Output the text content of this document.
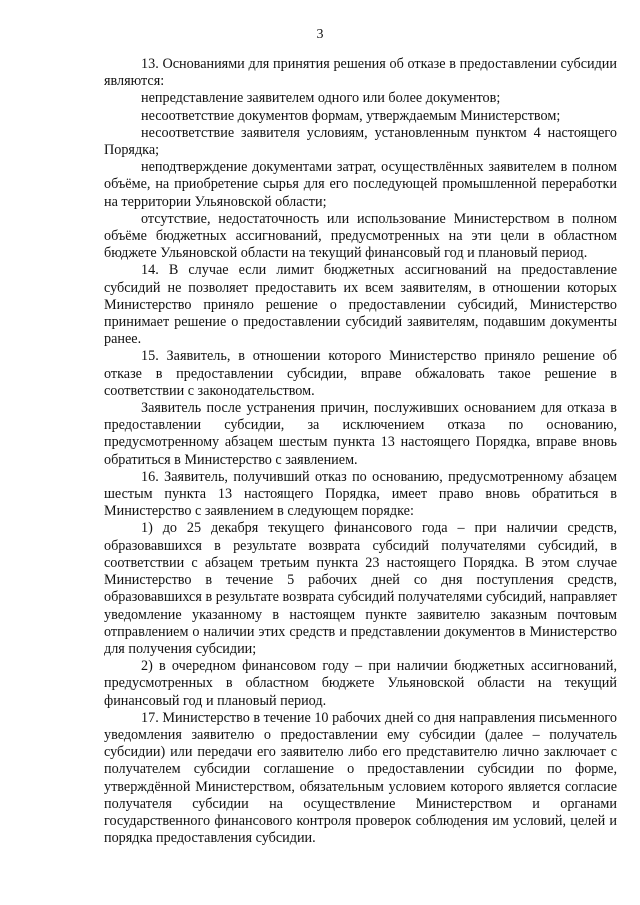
3

13. Основаниями для принятия решения об отказе в предоставлении субсидии являются:

непредставление заявителем одного или более документов;

несоответствие документов формам, утверждаемым Министерством;

несоответствие заявителя условиям, установленным пунктом 4 настоящего Порядка;

неподтверждение документами затрат, осуществлённых заявителем в полном объёме, на приобретение сырья для его последующей промышленной переработки на территории Ульяновской области;

отсутствие, недостаточность или использование Министерством в полном объёме бюджетных ассигнований, предусмотренных на эти цели в областном бюджете Ульяновской области на текущий финансовый год и плановый период.

14. В случае если лимит бюджетных ассигнований на предоставление субсидий не позволяет предоставить их всем заявителям, в отношении которых Министерство приняло решение о предоставлении субсидий, Министерство принимает решение о предоставлении субсидий заявителям, подавшим документы ранее.

15. Заявитель, в отношении которого Министерство приняло решение об отказе в предоставлении субсидии, вправе обжаловать такое решение в соответствии с законодательством.

Заявитель после устранения причин, послуживших основанием для отказа в предоставлении субсидии, за исключением отказа по основанию, предусмотренному абзацем шестым пункта 13 настоящего Порядка, вправе вновь обратиться в Министерство с заявлением.

16. Заявитель, получивший отказ по основанию, предусмотренному абзацем шестым пункта 13 настоящего Порядка, имеет право вновь обратиться в Министерство с заявлением в следующем порядке:

1) до 25 декабря текущего финансового года – при наличии средств, образовавшихся в результате возврата субсидий получателями субсидий, в соответствии с абзацем третьим пункта 23 настоящего Порядка. В этом случае Министерство в течение 5 рабочих дней со дня поступления средств, образовавшихся в результате возврата субсидий получателями субсидий, направляет уведомление указанному в настоящем пункте заявителю заказным почтовым отправлением о наличии этих средств и представлении документов в Министерство для получения субсидии;

2) в очередном финансовом году – при наличии бюджетных ассигнований, предусмотренных в областном бюджете Ульяновской области на текущий финансовый год и плановый период.

17. Министерство в течение 10 рабочих дней со дня направления письменного уведомления заявителю о предоставлении ему субсидии (далее – получатель субсидии) или передачи его заявителю либо его представителю лично заключает с получателем субсидии соглашение о предоставлении субсидии по форме, утверждённой Министерством, обязательным условием которого является согласие получателя субсидии на осуществление Министерством и органами государственного финансового контроля проверок соблюдения им условий, целей и порядка предоставления субсидии.
